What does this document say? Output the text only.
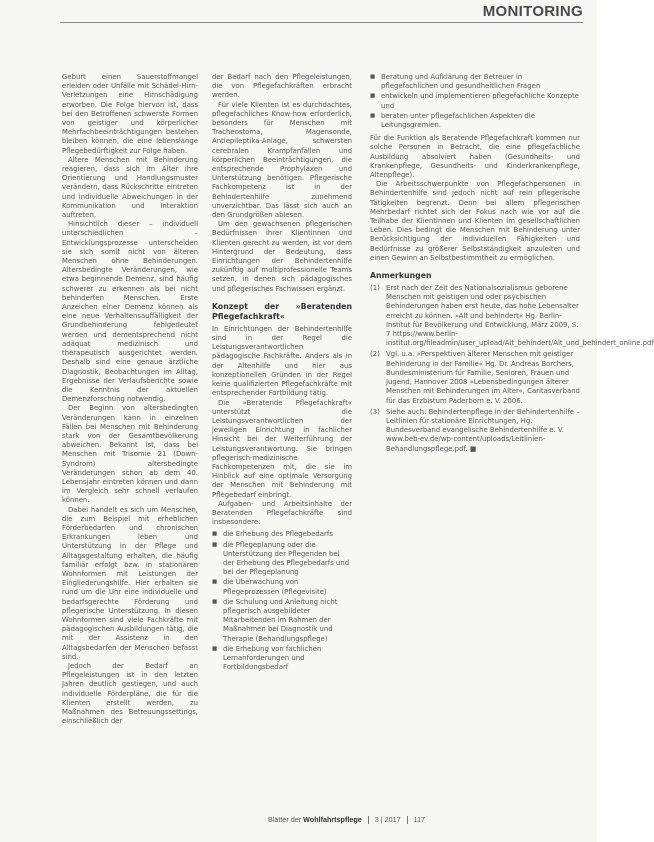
MONITORING

Geburt einen Sauerstoffmangel erleiden oder Unfälle mit Schädel-Hirn-Verletzungen eine Hirnschädigung erworben. Die Folge hiervon ist, dass bei den Betroffenen schwerste Formen von geistiger und körperlicher Mehrfachbeeinträchtigungen bestehen bleiben können, die eine lebenslange Pflegebedürftigkeit zur Folge haben.

Altere Menschen mit Behinderung reagieren, dass sich im Alter ihre Orientierung und Handlungsmuster verändern, dass Rückschritte eintreten und individuelle Abweichungen in der Kommunikation und Interaktion auftreten.

Hinsichtlich dieser – individuell unterschiedlichen – Entwicklungsprozesse unterscheiden sie sich somit nicht von älteren Menschen ohne Behinderungen. Altersbedingte Veränderungen, wie etwa beginnende Demenz, sind häufig schwerer zu erkennen als bei nicht behinderten Menschen. Erste Anzeichen einer Demenz können als eine neue Verhaltensauffälligkeit der Grundbehinderung fehlgedeutet werden und dementsprechend nicht adäquat medizinisch und therapeutisch ausgerichtet werden. Deshalb sind eine genaue ärztliche Diagnostik, Beobachtungen im Alltag, Ergebnisse der Verlaufsberichte sowie die Kenntnis der aktuellen Demenzforschung notwendig.

Der Beginn von altersbedingten Veränderungen kann in einzelnen Fällen bei Menschen mit Behinderung stark von der Gesamtbevölkerung abweichen. Bekannt ist, dass bei Menschen mit Trisomie 21 (Down-Syndrom) altersbedingte Veränderungen schon ab dem 40. Lebensjahr eintreten können und dann im Vergleich sehr schnell verlaufen können.

Dabei handelt es sich um Menschen, die zum Beispiel mit erheblichen Förderbedarfen und chronischen Erkrankungen leben und Unterstützung in der Pflege und Alltagsgestaltung erhalten, die häufig familiär erfolgt bzw. in stationären Wohnformen mit Leistungen der Eingliederungshilfe. Hier erhalten sie rund um die Uhr eine individuelle und bedarfsgerechte Förderung und pflegerische Unterstützung. In diesen Wohnformen sind viele Fachkräfte mit pädagogischen Ausbildungen tätig, die mit der Assistenz in den Alltagsbedarfen der Menschen befasst sind.

Jedoch der Bedarf an Pflegeleistungen ist in den letzten Jahren deutlich gestiegen, und auch individuelle Förderpläne, die für die Klienten erstellt werden, zu Maßnahmen des Betreuungssettings, einschließlich der

der Bedarf nach den Pflegeleistungen, die von Pflegefachkräften erbracht werden.

Für viele Klienten ist es durchdachtes, pflegefachliches Know-how erforderlich, besonders für Menschen mit Tracheostoma, Magensonde, Antiepileptika-Anlage, schwersten cerebralen Krampfanfällen und körperlichen Beeinträchtigungen, die entsprechende Prophylaxen und Unterstützung benötigen. Pflegerische Fachkompetenz ist in der Behindertenhilfe zunehmend unverzichtbar. Das lässt sich auch an den Grundgrößen ablesen.

Um den gewachsenen pflegerischen Bedürfnissen ihrer Klientinnen und Klienten gerecht zu werden, ist vor dem Hintergrund der Bedeutung, dass Einrichtungen der Behindertenhilfe zukünftig auf multiprofessionelle Teams setzen, in denen sich pädagogisches und pflegerisches Fachwissen ergänzt.

Konzept der »Beratenden Pflegefachkraft«

In Einrichtungen der Behindertenhilfe sind in der Regel die Leistungsverantwortlichen pädagogische Fachkräfte. Anders als in der Altenhilfe und hier aus konzeptionellen Gründen in der Regel keine qualifizierten Pflegefachkräfte mit entsprechender Fortbildung tätig.

Die »Beratende Pflegefachkraft« unterstützt die Leistungsverantwortlichen der jeweiligen Einrichtung in fachlicher Hinsicht bei der Weiterführung der Leistungsverantwortung. Sie bringen pflegerisch-medizinische Fachkompetenzen mit, die sie im Hinblick auf eine optimale Versorgung der Menschen mit Behinderung mit Pflegebedarf einbringt.

Aufgaben- und Arbeitsinhalte der Beratenden Pflegefachkräfte sind insbesondere:

■ die Erhebung des Pflegebedarfs
■ die Pflegeplanung oder die Unterstützung der Pflegenden bei der Erhebung des Pflegebedarfs und bei der Pflegeplanung
■ die Überwachung von Pflegeprozessen (Pflegevisite)
■ die Schulung und Anleitung nicht pflegerisch ausgebildeter Mitarbeitenden im Rahmen der Maßnahmen bei Diagnostik und Therapie (Behandlungspflege)
■ die Erhebung von fachlichen Lernanforderungen und Fortbildungsbedarf
■ Beratung und Aufklärung der Betreuer in pflegefachlichen und gesundheitlichen Fragen
■ entwickeln und implementieren pflegefachliche Konzepte und
■ beraten unter pflegefachlichen Aspekten die Leitungsgremien.

Für die Funktion als Beratende Pflegefachkraft kommen nur solche Personen in Betracht, die eine pflegefachliche Ausbildung absolviert haben (Gesundheits- und Krankenpflege, Gesundheits- und Kinderkrankenpflege, Altenpflege).

Die Arbeitsschwerpunkte von Pflegefachpersonen in Behindertenhilfe sind jedoch nicht auf rein pflegerische Tätigkeiten begrenzt. Denn bei allem pflegerischen Mehrbedarf richtet sich der Fokus nach wie vor auf die Teilhabe der Klientinnen und Klienten im gesellschaftlichen Leben. Dies bedingt die Menschen mit Behinderung unter Berücksichtigung der individuellen Fähigkeiten und Bedürfnisse zu größerer Selbstständigkeit anzuleiten und einen Gewinn an Selbstbestimmtheit zu ermöglichen.

Anmerkungen
(1) Erst nach der Zeit des Nationalsozialismus geborene Menschen mit geistigen und oder psychischen Behinderungen haben erst heute, das hohe Lebensalter erreicht zu können. »Alt und behindert« Hg. Berlin-Institut für Bevölkerung und Entwicklung, März 2009, S. 7 https://www.berlin-institut.org/fileadmin/user_upload/Alt_behindert/Alt_und_behindert_online.pdf
(2) Vgl. u.a. »Perspektiven älterer Menschen mit geistiger Behinderung in der Familie« Hg. Dr. Andreas Borchers, Bundesministerium für Familie, Senioren, Frauen und Jugend, Hannover 2008 »Lebensbedingungen älterer Menschen mit Behinderungen im Alter«, Caritasverband für das Erzbistum Paderborn e. V. 2006.
(3) Siehe auch: Behindertenpflege in der Behindertenhilfe – Leitlinien für stationäre Einrichtungen, Hg. Bundesverband evangelische Behindertenhilfe e. V. www.beb-ev.de/wp-content/uploads/Leitlinien-Behandlungspflege.pdf. ■
Blätter der Wohlfahrtspflege 3 | 2017 117
